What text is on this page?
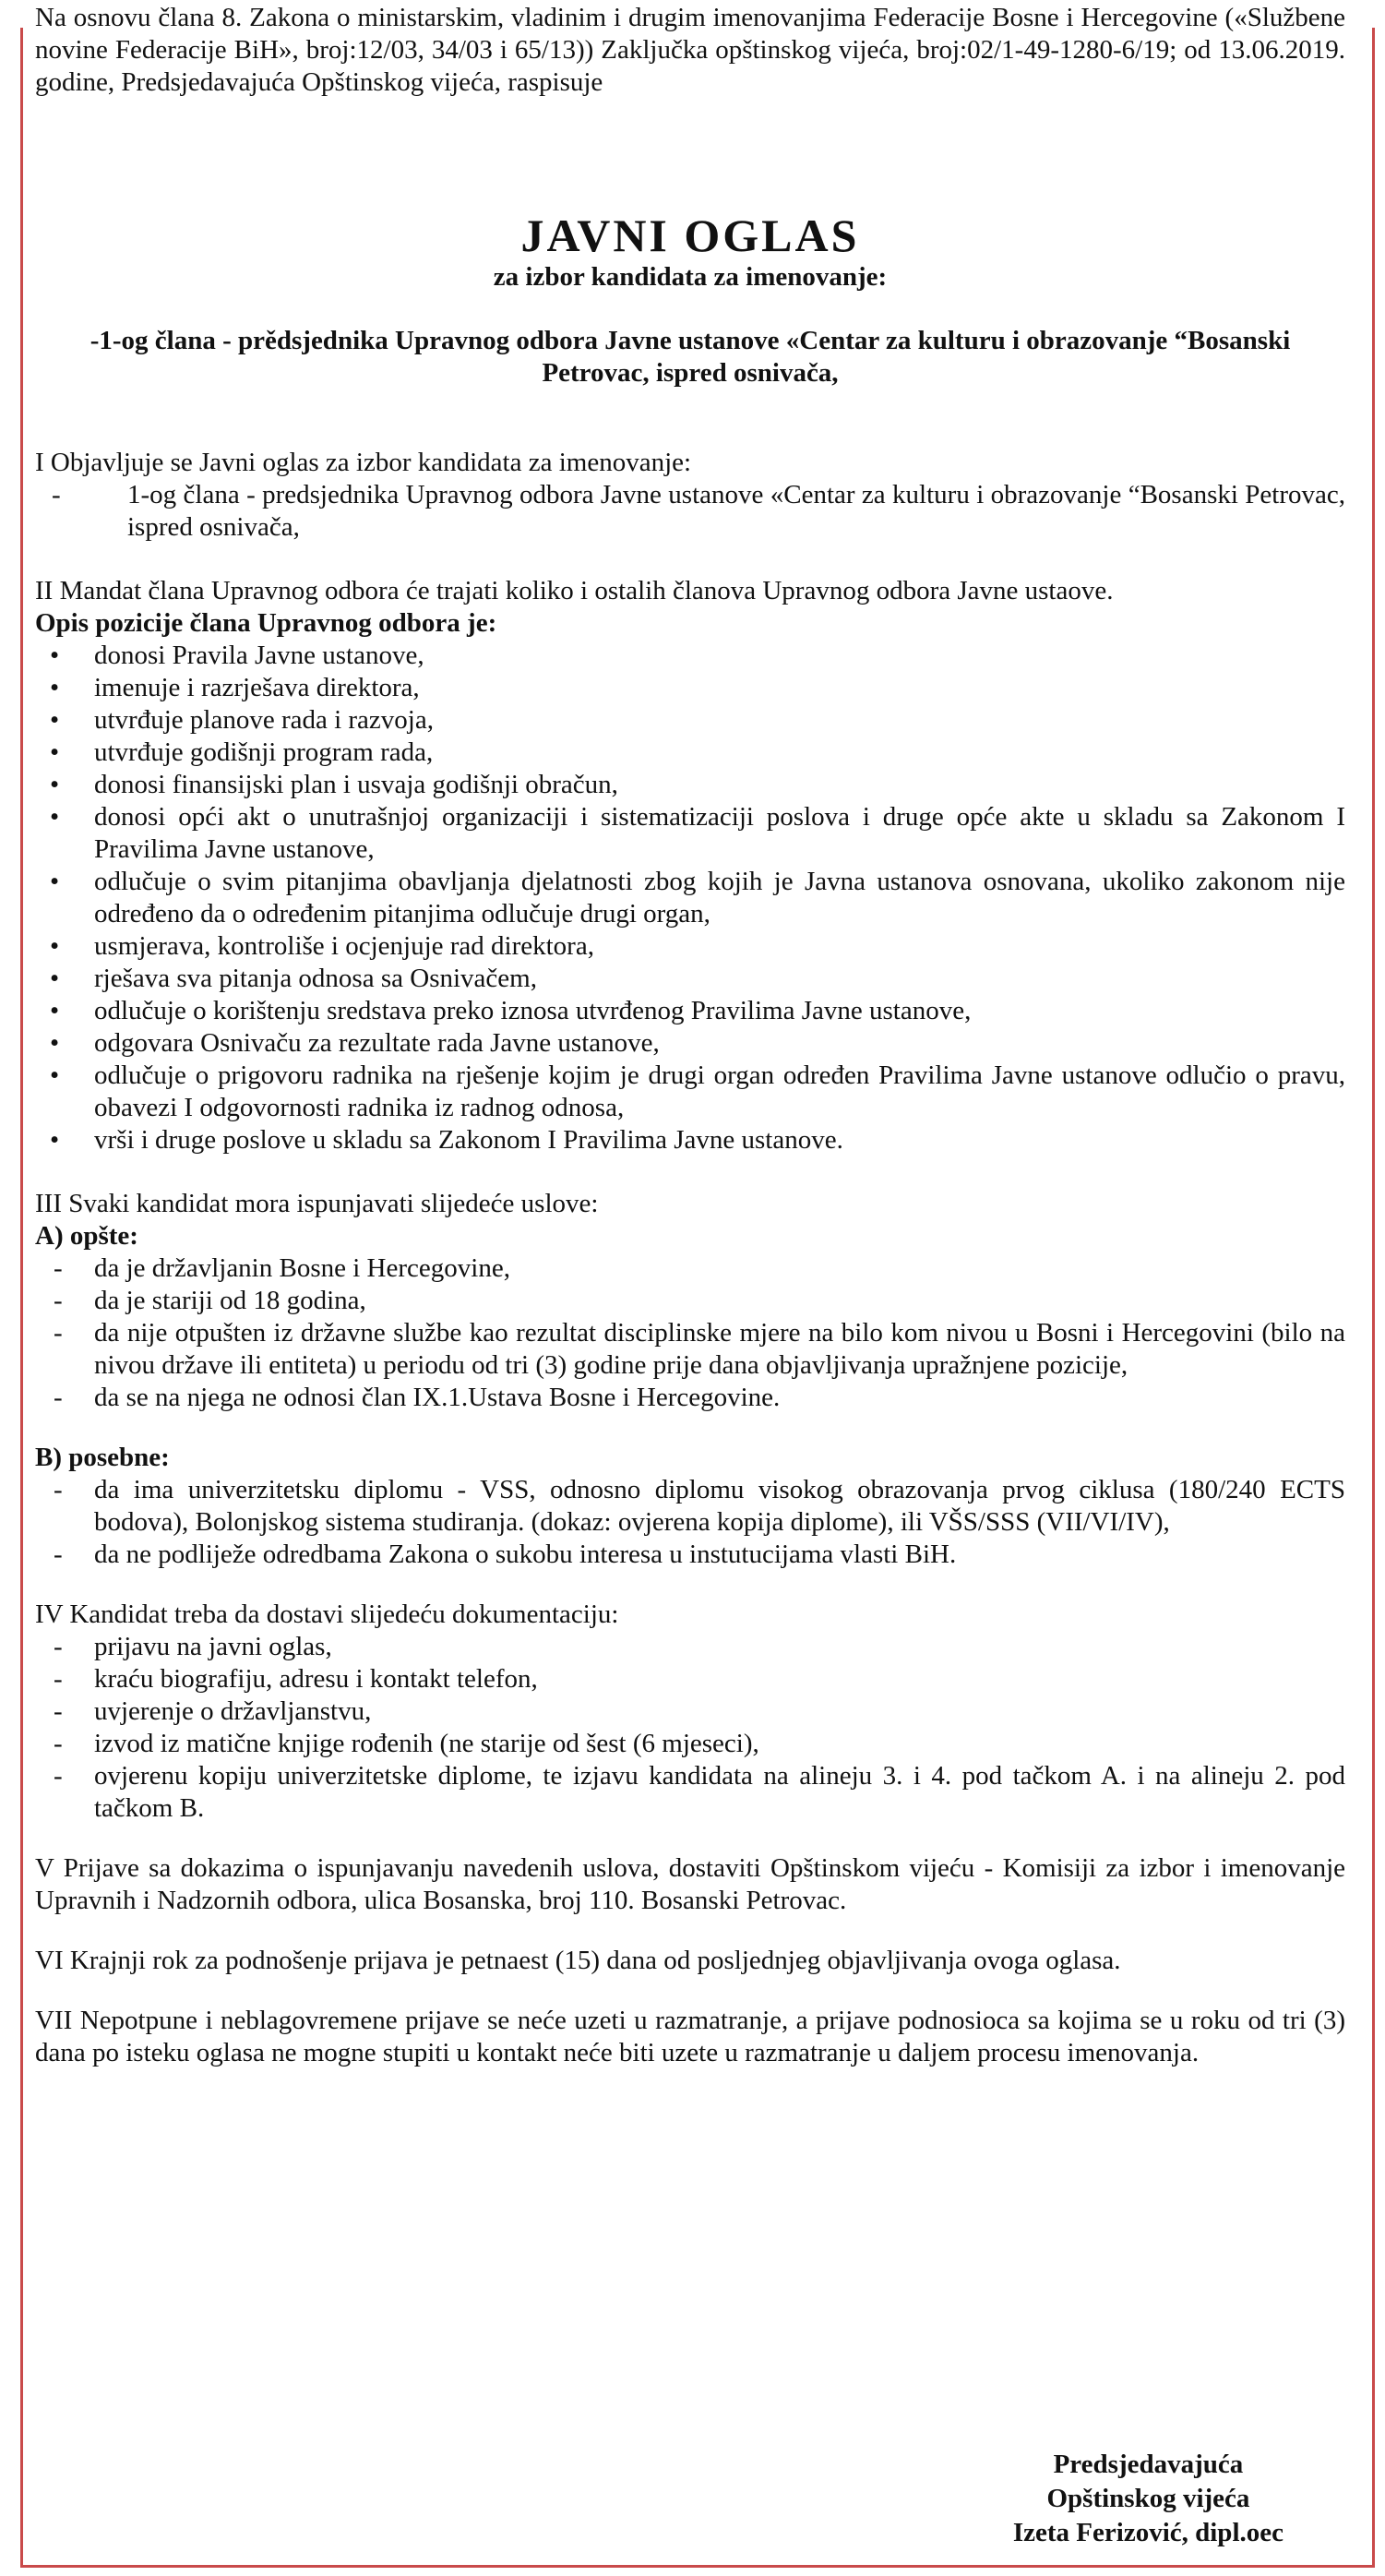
Na osnovu člana 8. Zakona o ministarskim, vladinim i drugim imenovanjima Federacije Bosne i Hercegovine («Službene novine Federacije BiH», broj:12/03, 34/03 i 65/13)) Zaključka opštinskog vijeća, broj:02/1-49-1280-6/19; od 13.06.2019. godine, Predsjedavajuća Opštinskog vijeća, raspisuje

JAVNI OGLAS
za izbor kandidata za imenovanje:
-1-og člana - prědsjednika Upravnog odbora Javne ustanove «Centar za kulturu i obrazovanje “Bosanski Petrovac, ispred osnivača,

I Objavljuje se Javni oglas za izbor kandidata za imenovanje:

- 1-og člana - predsjednika Upravnog odbora Javne ustanove «Centar za kulturu i obrazovanje “Bosanski Petrovac, ispred osnivača,

II Mandat člana Upravnog odbora će trajati koliko i ostalih članova Upravnog odbora Javne ustaove.

Opis pozicije člana Upravnog odbora je:

• donosi Pravila Javne ustanove,
• imenuje i razrješava direktora,
• utvrđuje planove rada i razvoja,
• utvrđuje godišnji program rada,
• donosi finansijski plan i usvaja godišnji obračun,
• donosi opći akt o unutrašnjoj organizaciji i sistematizaciji poslova i druge opće akte u skladu sa Zakonom I Pravilima Javne ustanove,
• odlučuje o svim pitanjima obavljanja djelatnosti zbog kojih je Javna ustanova osnovana, ukoliko zakonom nije određeno da o određenim pitanjima odlučuje drugi organ,
• usmjerava, kontroliše i ocjenjuje rad direktora,
• rješava sva pitanja odnosa sa Osnivačem,
• odlučuje o korištenju sredstava preko iznosa utvrđenog Pravilima Javne ustanove,
• odgovara Osnivaču za rezultate rada Javne ustanove,
• odlučuje o prigovoru radnika na rješenje kojim je drugi organ određen Pravilima Javne ustanove odlučio o pravu, obavezi I odgovornosti radnika iz radnog odnosa,
• vrši i druge poslove u skladu sa Zakonom I Pravilima Javne ustanove.

III Svaki kandidat mora ispunjavati slijedeće uslove:

A) opšte:

- da je državljanin Bosne i Hercegovine,
- da je stariji od 18 godina,
- da nije otpušten iz državne službe kao rezultat disciplinske mjere na bilo kom nivou u Bosni i Hercegovini (bilo na nivou države ili entiteta) u periodu od tri (3) godine prije dana objavljivanja upražnjene pozicije,
- da se na njega ne odnosi član IX.1.Ustava Bosne i Hercegovine.

B) posebne:

- da ima univerzitetsku diplomu - VSS, odnosno diplomu visokog obrazovanja prvog ciklusa (180/240 ECTS bodova), Bolonjskog sistema studiranja. (dokaz: ovjerena kopija diplome), ili VŠS/SSS (VII/VI/IV),
- da ne podliježe odredbama Zakona o sukobu interesa u instutucijama vlasti BiH.

IV Kandidat treba da dostavi slijedeću dokumentaciju:

- prijavu na javni oglas,
- kraću biografiju, adresu i kontakt telefon,
- uvjerenje o državljanstvu,
- izvod iz matične knjige rođenih (ne starije od šest (6 mjeseci),
- ovjerenu kopiju univerzitetske diplome, te izjavu kandidata na alineju 3. i 4. pod tačkom A. i na alineju 2. pod tačkom B.

V Prijave sa dokazima o ispunjavanju navedenih uslova, dostaviti Opštinskom vijeću - Komisiji za izbor i imenovanje Upravnih i Nadzornih odbora, ulica Bosanska, broj 110. Bosanski Petrovac.

VI Krajnji rok za podnošenje prijava je petnaest (15) dana od posljednjeg objavljivanja ovoga oglasa.

VII Nepotpune i neblagovremene prijave se neće uzeti u razmatranje, a prijave podnosioca sa kojima se u roku od tri (3) dana po isteku oglasa ne mogne stupiti u kontakt neće biti uzete u razmatranje u daljem procesu imenovanja.

Predsjedavajuća
Opštinskog vijeća
Izeta Ferizović, dipl.oec
